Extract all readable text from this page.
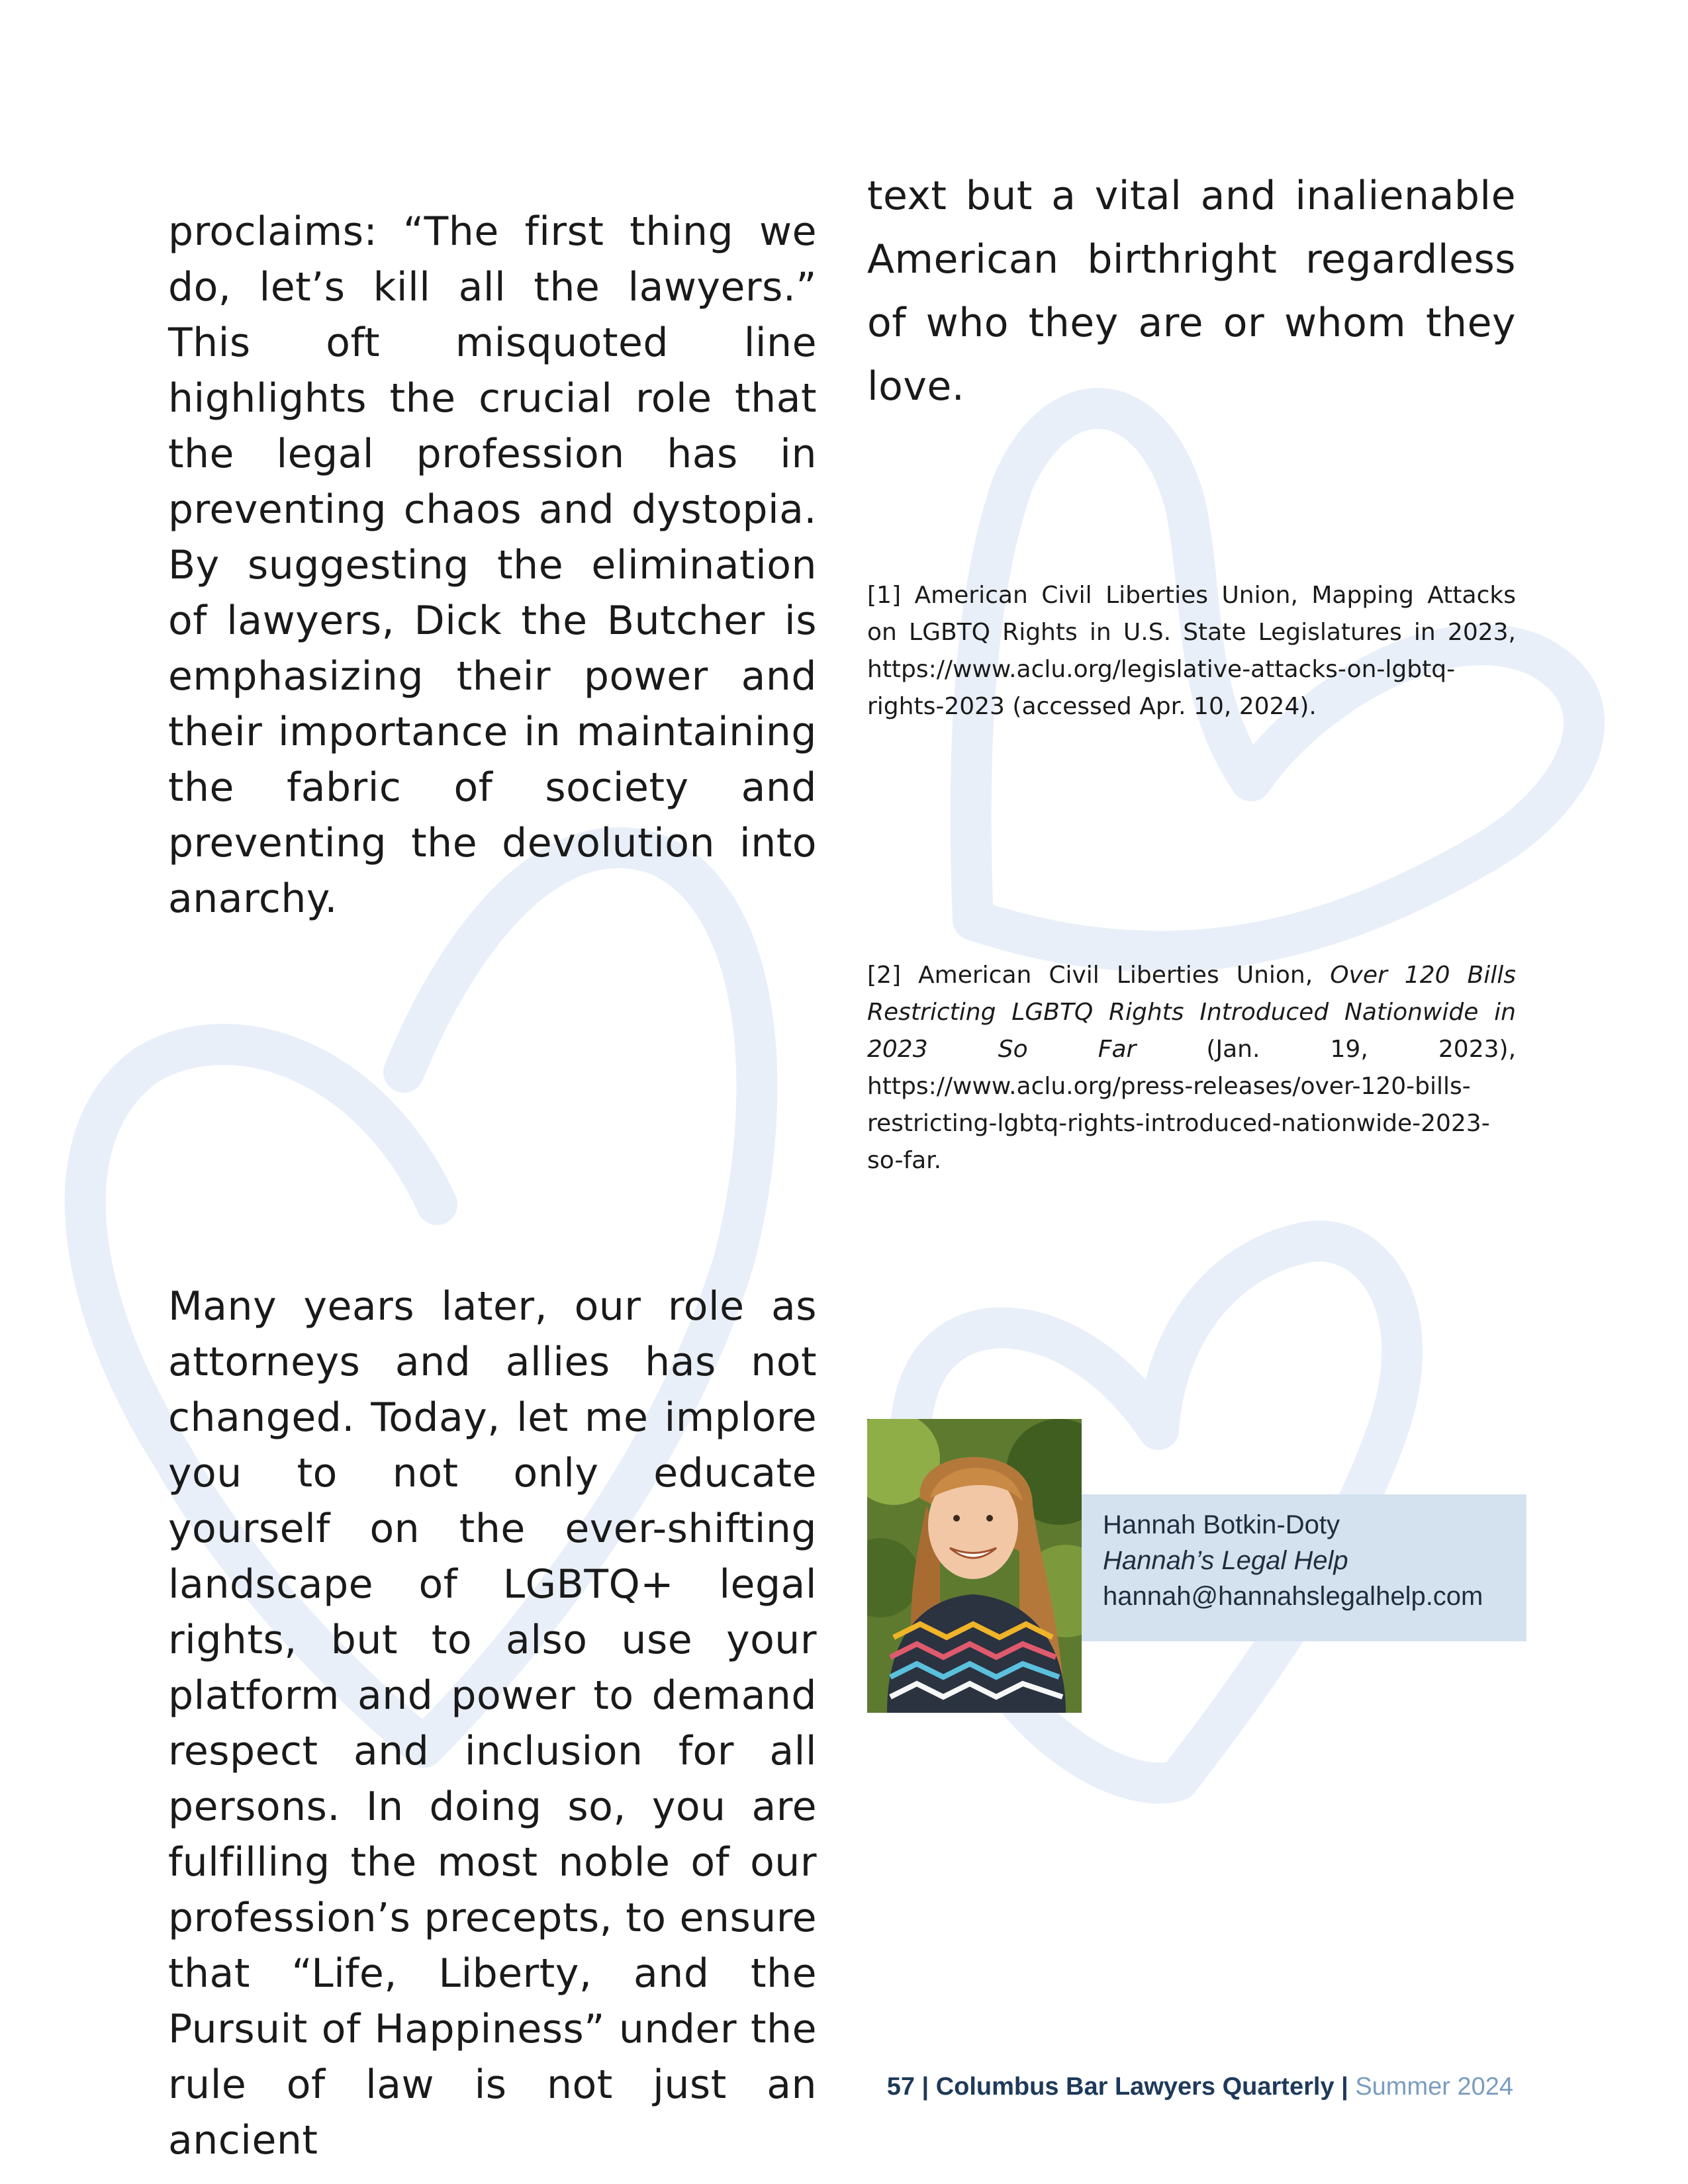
proclaims: “The first thing we do, let’s kill all the lawyers.” This oft misquoted line highlights the crucial role that the legal profession has in preventing chaos and dystopia. By suggesting the elimination of lawyers, Dick the Butcher is emphasizing their power and their importance in maintaining the fabric of society and preventing the devolution into anarchy.

Many years later, our role as attorneys and allies has not changed. Today, let me implore you to not only educate yourself on the ever-shifting landscape of LGBTQ+ legal rights, but to also use your platform and power to demand respect and inclusion for all persons. In doing so, you are fulfilling the most noble of our profession’s precepts, to ensure that “Life, Liberty, and the Pursuit of Happiness” under the rule of law is not just an ancient

text but a vital and inalienable American birthright regardless of who they are or whom they love.

[1] American Civil Liberties Union, Mapping Attacks on LGBTQ Rights in U.S. State Legislatures in 2023, https://www.aclu.org/legislative-attacks-on-lgbtq-rights-2023 (accessed Apr. 10, 2024).

[2] American Civil Liberties Union, Over 120 Bills Restricting LGBTQ Rights Introduced Nationwide in 2023 So Far (Jan. 19, 2023), https://www.aclu.org/press-releases/over-120-bills-restricting-lgbtq-rights-introduced-nationwide-2023-so-far.

Hannah Botkin-Doty
Hannah’s Legal Help
hannah@hannahslegalhelp.com
57 | Columbus Bar Lawyers Quarterly | Summer 2024
